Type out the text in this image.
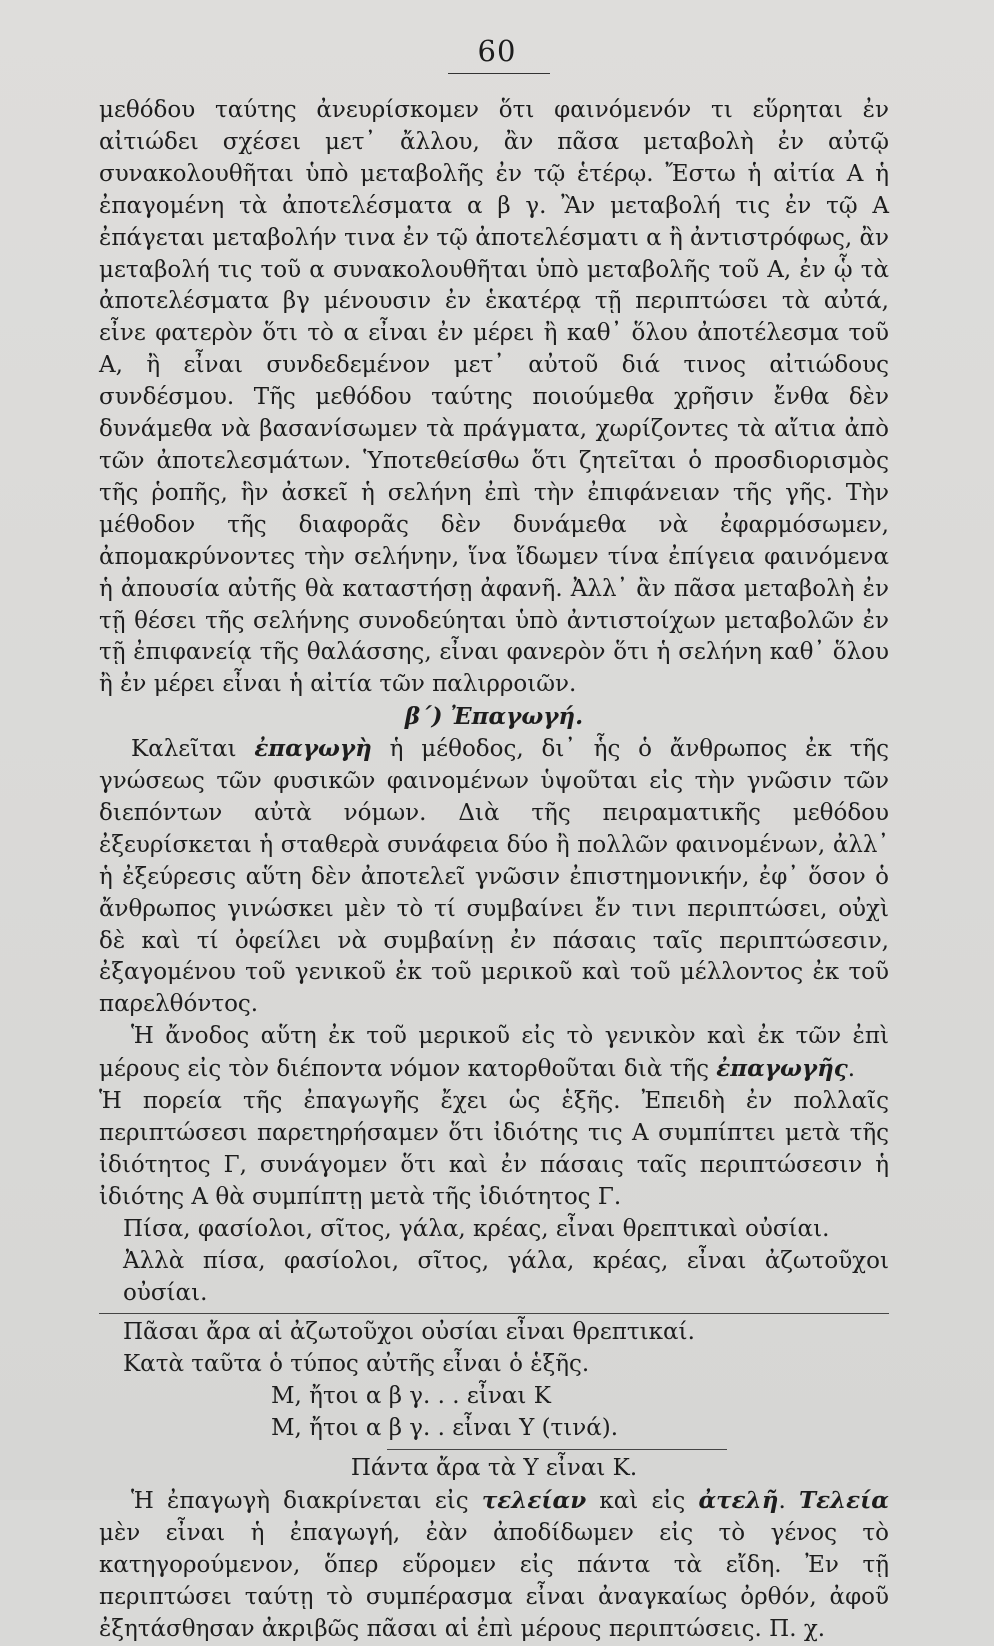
60

μεθόδου ταύτης ἀνευρίσκομεν ὅτι φαινόμενόν τι εὕρηται ἐν αἰτιώδει σχέσει μετ᾿ ἄλλου, ἂν πᾶσα μεταβολὴ ἐν αὐτῷ συνακολουθῆται ὑπὸ μεταβολῆς ἐν τῷ ἑτέρῳ. Ἔστω ἡ αἰτία Α ἡ ἐπαγομένη τὰ ἀποτελέσματα α β γ. Ἂν μεταβολή τις ἐν τῷ Α ἐπάγεται μεταβολήν τινα ἐν τῷ ἀποτελέσματι α ἢ ἀντιστρόφως, ἂν μεταβολή τις τοῦ α συνακολουθῆται ὑπὸ μεταβολῆς τοῦ Α, ἐν ᾧ τὰ ἀποτελέσματα βγ μένουσιν ἐν ἑκατέρᾳ τῇ περιπτώσει τὰ αὐτά, εἶνε φατερὸν ὅτι τὸ α εἶναι ἐν μέρει ἢ καθ᾿ ὅλου ἀποτέλεσμα τοῦ Α, ἢ εἶναι συνδεδεμένον μετ᾿ αὐτοῦ διά τινος αἰτιώδους συνδέσμου. Τῆς μεθόδου ταύτης ποιούμεθα χρῆσιν ἔνθα δὲν δυνάμεθα νὰ βασανίσωμεν τὰ πράγματα, χωρίζοντες τὰ αἴτια ἀπὸ τῶν ἀποτελεσμάτων. Ὑποτεθείσθω ὅτι ζητεῖται ὁ προσδιορισμὸς τῆς ῥοπῆς, ἣν ἀσκεῖ ἡ σελήνη ἐπὶ τὴν ἐπιφάνειαν τῆς γῆς. Τὴν μέθοδον τῆς διαφορᾶς δὲν δυνάμεθα νὰ ἐφαρμόσωμεν, ἀπομακρύνοντες τὴν σελήνην, ἵνα ἴδωμεν τίνα ἐπίγεια φαινόμενα ἡ ἀπουσία αὐτῆς θὰ καταστήσῃ ἀφανῆ. Ἀλλ᾿ ἂν πᾶσα μεταβολὴ ἐν τῇ θέσει τῆς σελήνης συνοδεύηται ὑπὸ ἀντιστοίχων μεταβολῶν ἐν τῇ ἐπιφανείᾳ τῆς θαλάσσης, εἶναι φανερὸν ὅτι ἡ σελήνη καθ᾿ ὅλου ἢ ἐν μέρει εἶναι ἡ αἰτία τῶν παλιρροιῶν.

β΄) Ἐπαγωγή.

Καλεῖται ἐπαγωγὴ ἡ μέθοδος, δι᾿ ἧς ὁ ἄνθρωπος ἐκ τῆς γνώσεως τῶν φυσικῶν φαινομένων ὑψοῦται εἰς τὴν γνῶσιν τῶν διεπόντων αὐτὰ νόμων. Διὰ τῆς πειραματικῆς μεθόδου ἐξευρίσκεται ἡ σταθερὰ συνάφεια δύο ἢ πολλῶν φαινομένων, ἀλλ᾿ ἡ ἐξεύρεσις αὕτη δὲν ἀποτελεῖ γνῶσιν ἐπιστημονικήν, ἐφ᾿ ὅσον ὁ ἄνθρωπος γινώσκει μὲν τὸ τί συμβαίνει ἔν τινι περιπτώσει, οὐχὶ δὲ καὶ τί ὀφείλει νὰ συμβαίνῃ ἐν πάσαις ταῖς περιπτώσεσιν, ἐξαγομένου τοῦ γενικοῦ ἐκ τοῦ μερικοῦ καὶ τοῦ μέλλοντος ἐκ τοῦ παρελθόντος.

Ἡ ἄνοδος αὕτη ἐκ τοῦ μερικοῦ εἰς τὸ γενικὸν καὶ ἐκ τῶν ἐπὶ μέρους εἰς τὸν διέποντα νόμον κατορθοῦται διὰ τῆς ἐπαγωγῆς.

Ἡ πορεία τῆς ἐπαγωγῆς ἔχει ὡς ἑξῆς. Ἐπειδὴ ἐν πολλαῖς περιπτώσεσι παρετηρήσαμεν ὅτι ἰδιότης τις Α συμπίπτει μετὰ τῆς ἰδιότητος Γ, συνάγομεν ὅτι καὶ ἐν πάσαις ταῖς περιπτώσεσιν ἡ ἰδιότης Α θὰ συμπίπτῃ μετὰ τῆς ἰδιότητος Γ.

Πίσα, φασίολοι, σῖτος, γάλα, κρέας, εἶναι θρεπτικαὶ οὐσίαι.

Ἀλλὰ πίσα, φασίολοι, σῖτος, γάλα, κρέας, εἶναι ἀζωτοῦχοι οὐσίαι.

Πᾶσαι ἄρα αἱ ἀζωτοῦχοι οὐσίαι εἶναι θρεπτικαί.

Κατὰ ταῦτα ὁ τύπος αὐτῆς εἶναι ὁ ἑξῆς.

Μ, ἤτοι α β γ. . . εἶναι Κ

Μ, ἤτοι α β γ. . εἶναι Υ (τινά).

Πάντα ἄρα τὰ Υ εἶναι Κ.

Ἡ ἐπαγωγὴ διακρίνεται εἰς τελείαν καὶ εἰς ἀτελῆ. Τελεία μὲν εἶναι ἡ ἐπαγωγή, ἐὰν ἀποδίδωμεν εἰς τὸ γένος τὸ κατηγορούμενον, ὅπερ εὕρομεν εἰς πάντα τὰ εἴδη. Ἐν τῇ περιπτώσει ταύτῃ τὸ συμπέρασμα εἶναι ἀναγκαίως ὀρθόν, ἀφοῦ ἐξητάσθησαν ἀκριβῶς πᾶσαι αἱ ἐπὶ μέρους περιπτώσεις. Π. χ.
